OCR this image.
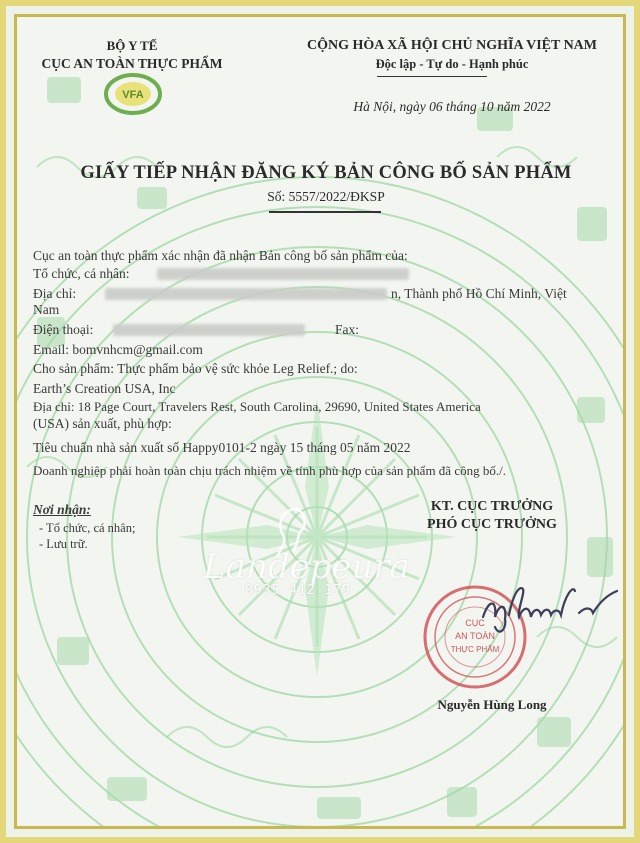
BỘ Y TẾ
CỤC AN TOÀN THỰC PHẨM
VFA
CỘNG HÒA XÃ HỘI CHỦ NGHĨA VIỆT NAM
Độc lập - Tự do - Hạnh phúc
Hà Nội, ngày 06 tháng 10 năm 2022
GIẤY TIẾP NHẬN ĐĂNG KÝ BẢN CÔNG BỐ SẢN PHẨM
Số: 5557/2022/ĐKSP
Cục an toàn thực phẩm xác nhận đã nhận Bản công bố sản phẩm của:
Tổ chức, cá nhân:
Địa chỉ:	n, Thành phố Hồ Chí Minh, Việt
Nam
Điện thoại:	Fax:
Email: bomvnhcm@gmail.com
Cho sản phẩm: Thực phẩm bảo vệ sức khỏe Leg Relief.; do:
Earth’s Creation USA, Inc
Địa chỉ: 18 Page Court, Travelers Rest, South Carolina, 29690, United States America
(USA) sản xuất, phù hợp:
Tiêu chuẩn nhà sản xuất số Happy0101-2 ngày 15 tháng 05 năm 2022
Doanh nghiệp phải hoàn toàn chịu trách nhiệm về tính phù hợp của sản phẩm đã công bố./.
Nơi nhận:
- Tổ chức, cá nhân;
- Lưu trữ.
KT. CỤC TRƯỞNG
PHÓ CỤC TRƯỞNG
Landepeura
0935 412 179
CỤC
AN TOÀN
THỰC PHẨM
ngthucdi
Nguyễn Hùng Long
